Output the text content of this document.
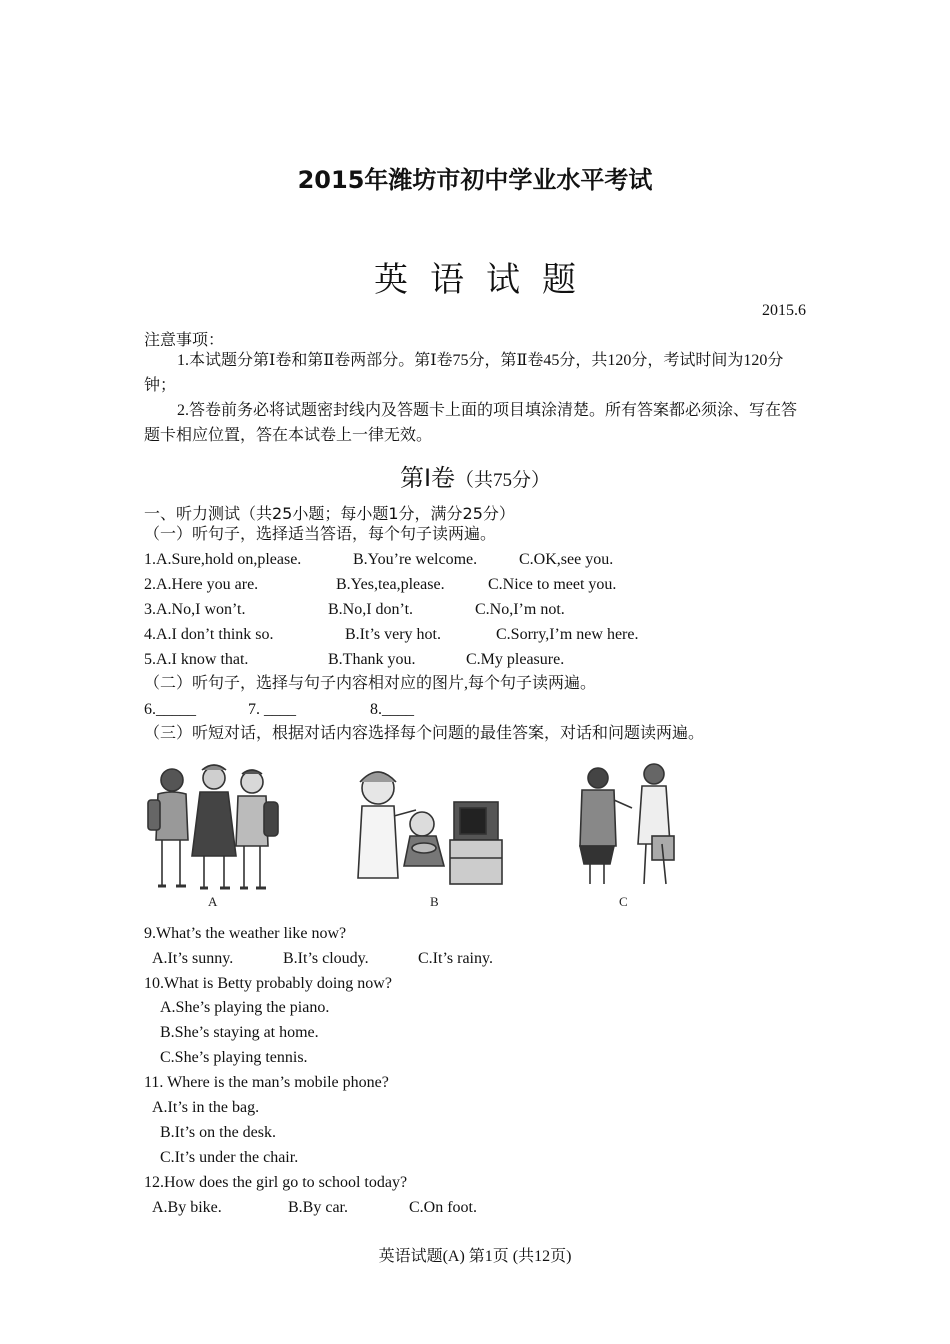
2015年潍坊市初中学业水平考试
英语试题
2015.6
注意事项：
1.本试题分第Ⅰ卷和第Ⅱ卷两部分。第Ⅰ卷75分，第Ⅱ卷45分，共120分，考试时间为120分钟；
2.答卷前务必将试题密封线内及答题卡上面的项目填涂清楚。所有答案都必须涂、写在答题卡相应位置，答在本试卷上一律无效。
第Ⅰ卷（共75分）
一、听力测试（共25小题；每小题1分，满分25分）
（一）听句子，选择适当答语，每个句子读两遍。
1.A.Sure,hold on,please.	B.You’re welcome.	C.OK,see you.
2.A.Here you are.	B.Yes,tea,please.	C.Nice to meet you.
3.A.No,I won’t.	B.No,I don’t.	C.No,I’m not.
4.A.I don’t think so.	B.It’s very hot.	C.Sorry,I’m new here.
5.A.I know that.	B.Thank you.	C.My pleasure.
（二）听句子，选择与句子内容相对应的图片,每个句子读两遍。
6._____	7. ____	8.____
（三）听短对话，根据对话内容选择每个问题的最佳答案，对话和问题读两遍。
A	B	C
9.What’s the weather like now?
A.It’s sunny.	B.It’s cloudy.	C.It’s rainy.
10.What is Betty probably doing now?
A.She’s playing the piano.
B.She’s staying at home.
C.She’s playing tennis.
11. Where is the man’s mobile phone?
A.It’s in the bag.
B.It’s on the desk.
C.It’s under the chair.
12.How does the girl go to school today?
A.By bike.	B.By car.	C.On foot.
英语试题(A) 第1页 (共12页)
